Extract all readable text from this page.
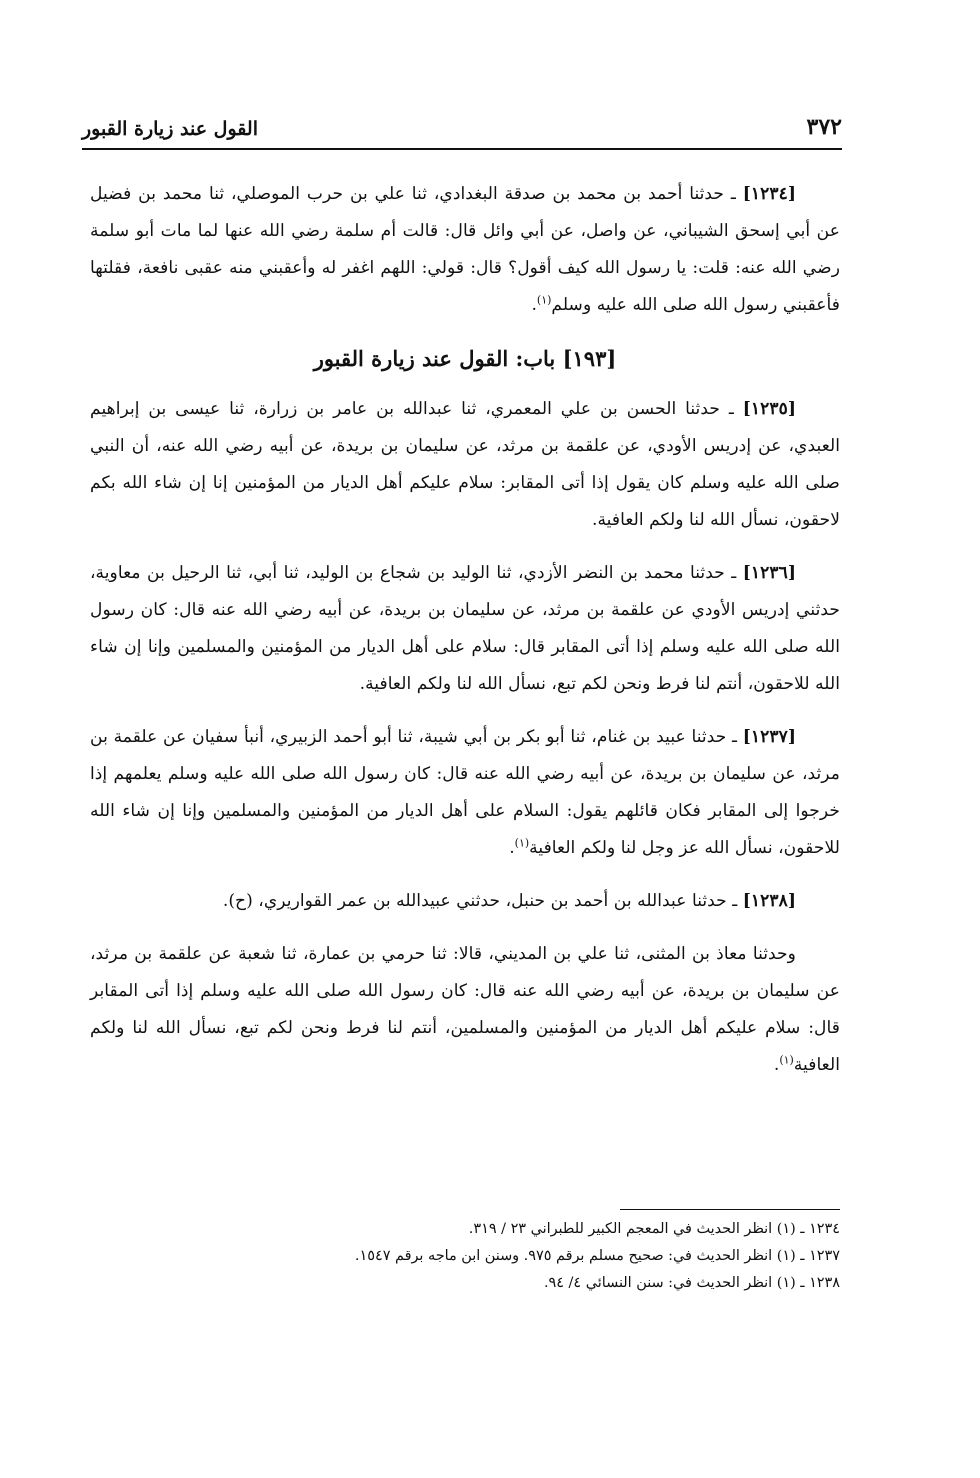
٣٧٢
القول عند زيارة القبور

[١٢٣٤] ـ حدثنا أحمد بن محمد بن صدقة البغدادي، ثنا علي بن حرب الموصلي، ثنا محمد بن فضيل عن أبي إسحق الشيباني، عن واصل، عن أبي وائل قال: قالت أم سلمة رضي الله عنها لما مات أبو سلمة رضي الله عنه: قلت: يا رسول الله كيف أقول؟ قال: قولي: اللهم اغفر له وأعقبني منه عقبى نافعة، فقلتها فأعقبني رسول الله صلى الله عليه وسلم$^{(١)}$.

[١٩٣] باب: القول عند زيارة القبور

[١٢٣٥] ـ حدثنا الحسن بن علي المعمري، ثنا عبدالله بن عامر بن زرارة، ثنا عيسى بن إبراهيم العبدي، عن إدريس الأودي، عن علقمة بن مرثد، عن سليمان بن بريدة، عن أبيه رضي الله عنه، أن النبي صلى الله عليه وسلم كان يقول إذا أتى المقابر: سلام عليكم أهل الديار من المؤمنين إنا إن شاء الله بكم لاحقون، نسأل الله لنا ولكم العافية.

[١٢٣٦] ـ حدثنا محمد بن النضر الأزدي، ثنا الوليد بن شجاع بن الوليد، ثنا أبي، ثنا الرحيل بن معاوية، حدثني إدريس الأودي عن علقمة بن مرثد، عن سليمان بن بريدة، عن أبيه رضي الله عنه قال: كان رسول الله صلى الله عليه وسلم إذا أتى المقابر قال: سلام على أهل الديار من المؤمنين والمسلمين وإنا إن شاء الله للاحقون، أنتم لنا فرط ونحن لكم تبع، نسأل الله لنا ولكم العافية.

[١٢٣٧] ـ حدثنا عبيد بن غنام، ثنا أبو بكر بن أبي شيبة، ثنا أبو أحمد الزبيري، أنبأ سفيان عن علقمة بن مرثد، عن سليمان بن بريدة، عن أبيه رضي الله عنه قال: كان رسول الله صلى الله عليه وسلم يعلمهم إذا خرجوا إلى المقابر فكان قائلهم يقول: السلام على أهل الديار من المؤمنين والمسلمين وإنا إن شاء الله للاحقون، نسأل الله عز وجل لنا ولكم العافية$^{(١)}$.

[١٢٣٨] ـ حدثنا عبدالله بن أحمد بن حنبل، حدثني عبيدالله بن عمر القواريري، (ح).

وحدثنا معاذ بن المثنى، ثنا علي بن المديني، قالا: ثنا حرمي بن عمارة، ثنا شعبة عن علقمة بن مرثد، عن سليمان بن بريدة، عن أبيه رضي الله عنه قال: كان رسول الله صلى الله عليه وسلم إذا أتى المقابر قال: سلام عليكم أهل الديار من المؤمنين والمسلمين، أنتم لنا فرط ونحن لكم تبع، نسأل الله لنا ولكم العافية$^{(١)}$.

١٢٣٤ ـ (١) انظر الحديث في المعجم الكبير للطبراني ٢٣ / ٣١٩.

١٢٣٧ ـ (١) انظر الحديث في: صحيح مسلم برقم ٩٧٥. وسنن ابن ماجه برقم ١٥٤٧.

١٢٣٨ ـ (١) انظر الحديث في: سنن النسائي ٤/ ٩٤.
